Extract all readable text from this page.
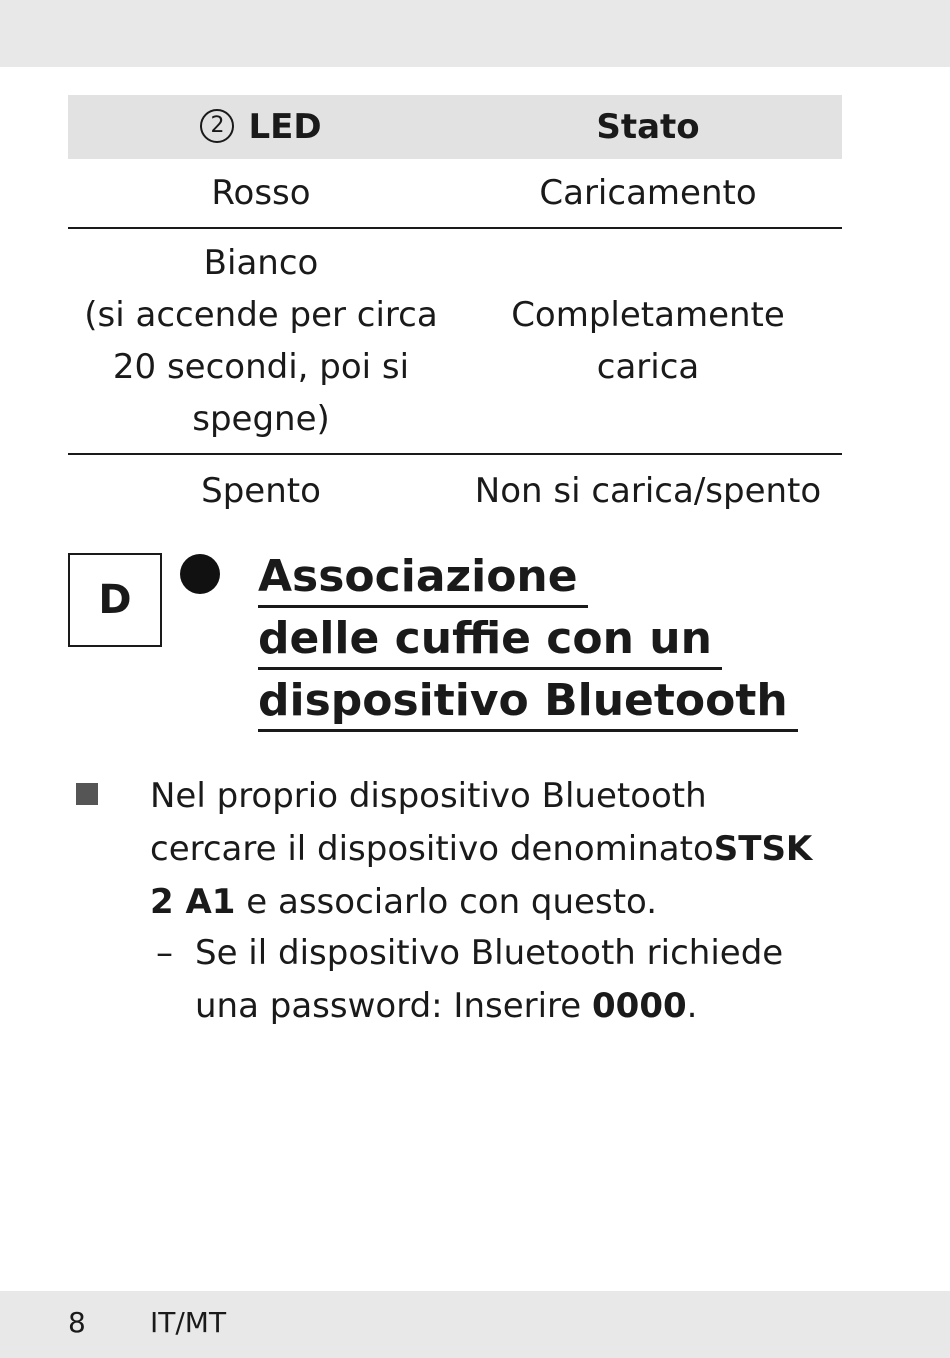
2 LED	Stato
Rosso	Caricamento

Bianco
(si accende per circa
20 secondi, poi si
spegne)	Completamente carica
Spento	Non si carica/spento
D	Associazione
delle cuffie con un
dispositivo Bluetooth

Nel proprio dispositivo Bluetooth cercare il dispositivo denominatoSTSK 2 A1 e associarlo con questo.

– Se il dispositivo Bluetooth richiede una password: Inserire 0000.

8 IT/MT
